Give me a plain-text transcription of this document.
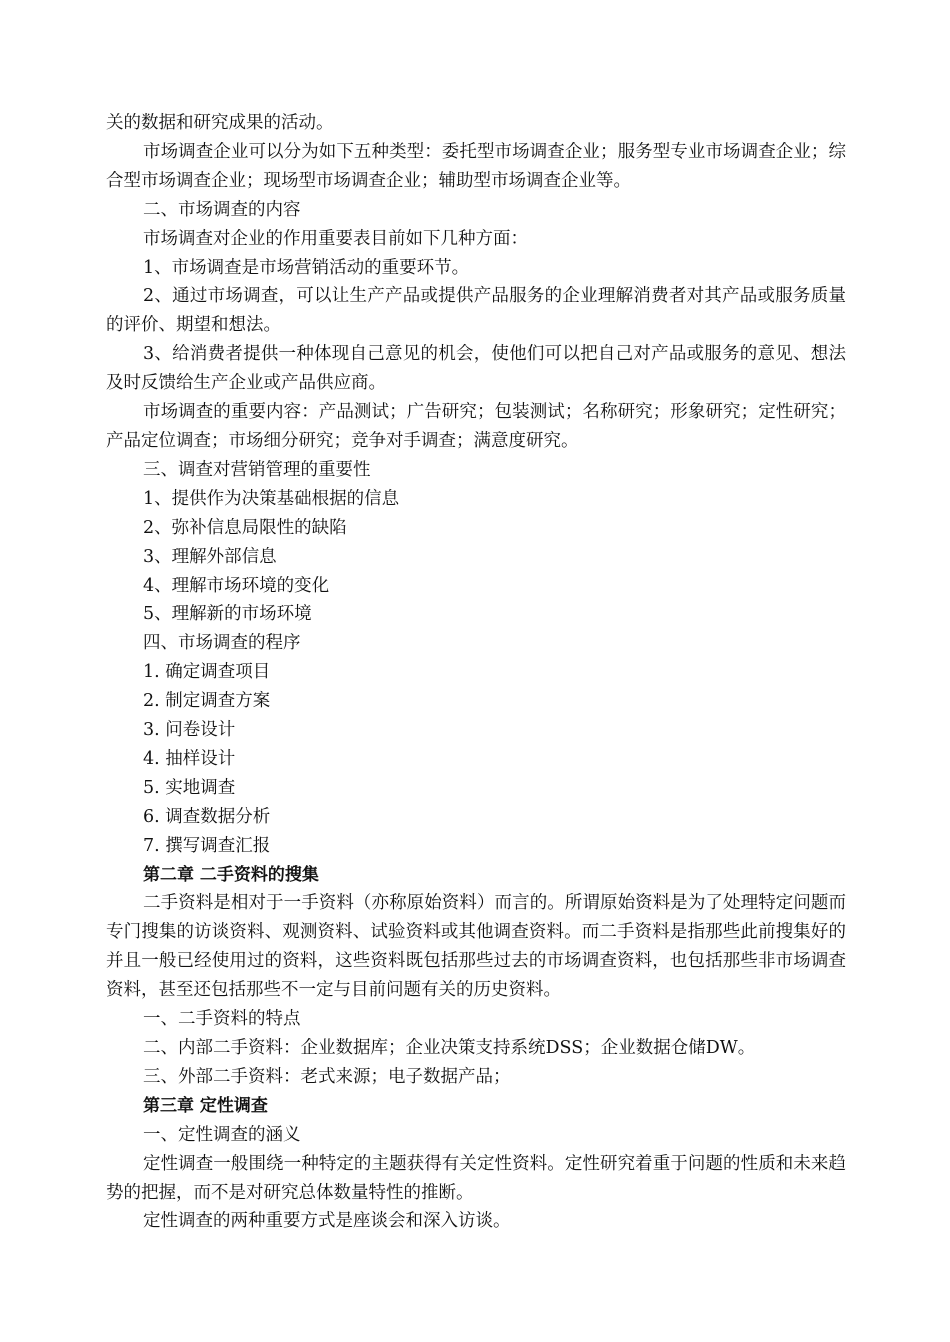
关的数据和研究成果的活动。

市场调查企业可以分为如下五种类型：委托型市场调查企业；服务型专业市场调查企业；综合型市场调查企业；现场型市场调查企业；辅助型市场调查企业等。

二、市场调查的内容

市场调查对企业的作用重要表目前如下几种方面：

1、市场调查是市场营销活动的重要环节。

2、通过市场调查，可以让生产产品或提供产品服务的企业理解消费者对其产品或服务质量的评价、期望和想法。

3、给消费者提供一种体现自己意见的机会，使他们可以把自己对产品或服务的意见、想法及时反馈给生产企业或产品供应商。

市场调查的重要内容：产品测试；广告研究；包装测试；名称研究；形象研究；定性研究；产品定位调查；市场细分研究；竞争对手调查；满意度研究。

三、调查对营销管理的重要性

1、提供作为决策基础根据的信息

2、弥补信息局限性的缺陷

3、理解外部信息

4、理解市场环境的变化

5、理解新的市场环境

四、市场调查的程序

1. 确定调查项目

2. 制定调查方案

3. 问卷设计

4. 抽样设计

5. 实地调查

6. 调查数据分析

7. 撰写调查汇报

第二章 二手资料的搜集

二手资料是相对于一手资料（亦称原始资料）而言的。所谓原始资料是为了处理特定问题而专门搜集的访谈资料、观测资料、试验资料或其他调查资料。而二手资料是指那些此前搜集好的并且一般已经使用过的资料，这些资料既包括那些过去的市场调查资料，也包括那些非市场调查资料，甚至还包括那些不一定与目前问题有关的历史资料。

一、二手资料的特点

二、内部二手资料：企业数据库；企业决策支持系统DSS；企业数据仓储DW。

三、外部二手资料：老式来源；电子数据产品；

第三章 定性调查

一、定性调查的涵义

定性调查一般围绕一种特定的主题获得有关定性资料。定性研究着重于问题的性质和未来趋势的把握，而不是对研究总体数量特性的推断。

定性调查的两种重要方式是座谈会和深入访谈。
